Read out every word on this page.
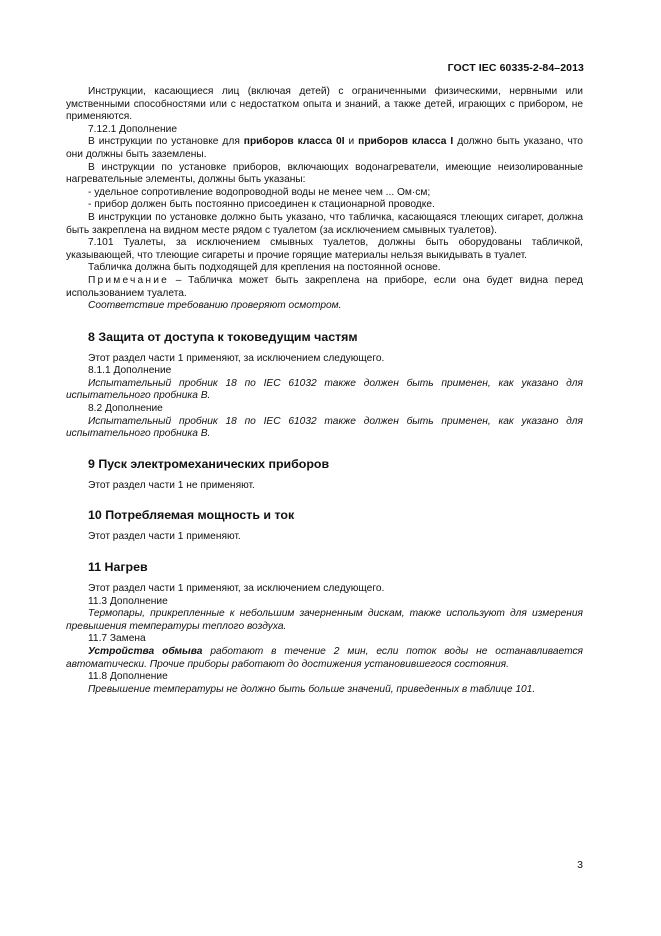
ГОСТ IEC 60335-2-84–2013

Инструкции, касающиеся лиц (включая детей) с ограниченными физическими, нервными или умственными способностями или с недостатком опыта и знаний, а также детей, играющих с прибором, не применяются.

7.12.1 Дополнение

В инструкции по установке для приборов класса 0I и приборов класса I должно быть указано, что они должны быть заземлены.

В инструкции по установке приборов, включающих водонагреватели, имеющие неизолированные нагревательные элементы, должны быть указаны:

- удельное сопротивление водопроводной воды не менее чем ... Ом·см;

- прибор должен быть постоянно присоединен к стационарной проводке.

В инструкции по установке должно быть указано, что табличка, касающаяся тлеющих сигарет, должна быть закреплена на видном месте рядом с туалетом (за исключением смывных туалетов).

7.101 Туалеты, за исключением смывных туалетов, должны быть оборудованы табличкой, указывающей, что тлеющие сигареты и прочие горящие материалы нельзя выкидывать в туалет.

Табличка должна быть подходящей для крепления на постоянной основе.

Примечание – Табличка может быть закреплена на приборе, если она будет видна перед использованием туалета.

Соответствие требованию проверяют осмотром.

8 Защита от доступа к токоведущим частям

Этот раздел части 1 применяют, за исключением следующего.

8.1.1 Дополнение

Испытательный пробник 18 по IEC 61032 также должен быть применен, как указано для испытательного пробника B.

8.2 Дополнение

Испытательный пробник 18 по IEC 61032 также должен быть применен, как указано для испытательного пробника B.

9 Пуск электромеханических приборов

Этот раздел части 1 не применяют.

10 Потребляемая мощность и ток

Этот раздел части 1 применяют.

11 Нагрев

Этот раздел части 1 применяют, за исключением следующего.

11.3 Дополнение

Термопары, прикрепленные к небольшим зачерненным дискам, также используют для измерения превышения температуры теплого воздуха.

11.7 Замена

Устройства обмыва работают в течение 2 мин, если поток воды не останавливается автоматически. Прочие приборы работают до достижения установившегося состояния.

11.8 Дополнение

Превышение температуры не должно быть больше значений, приведенных в таблице 101.

3
